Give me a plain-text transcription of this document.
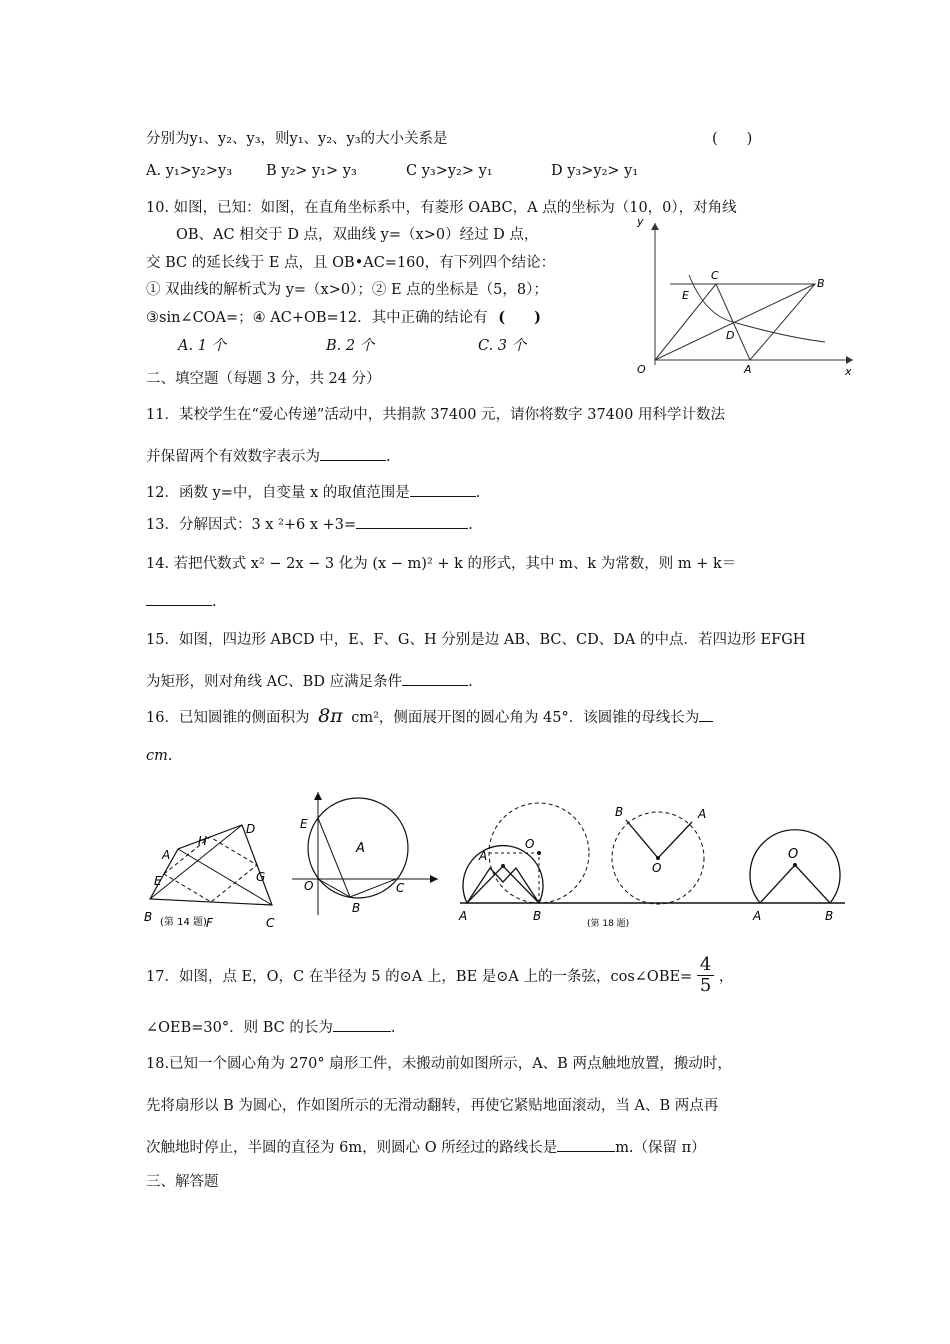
分别为y₁、y₂、y₃，则y₁、y₂、y₃的大小关系是	(　　)
A. y₁>y₂>y₃ B y₂> y₁> y₃	C y₃>y₂> y₁	D y₃>y₂> y₁
10. 如图，已知：如图，在直角坐标系中，有菱形 OABC，A 点的坐标为（10，0），对角线
OB、AC 相交于 D 点，双曲线 y=（x>0）经过 D 点，
交 BC 的延长线于 E 点，且 OB•AC=160，有下列四个结论：
① 双曲线的解析式为 y=（x>0）；② E 点的坐标是（5，8）；
③sin∠COA=；④ AC+OB=12．其中正确的结论有 (　　)
A. 1 个	B. 2 个	C. 3 个
y
x
O	A
B
C
D
E
二、填空题（每题 3 分，共 24 分）
11．某校学生在“爱心传递”活动中，共捐款 37400 元，请你将数字 37400 用科学计数法
并保留两个有效数字表示为	.
12．函数 y=中，自变量 x 的取值范围是	.
13．分解因式：3 x ²+6 x +3=	.
14. 若把代数式 x² − 2x − 3 化为 (x − m)² + k 的形式，其中 m、k 为常数，则 m + k＝
.
15．如图，四边形 ABCD 中，E、F、G、H 分别是边 AB、BC、CD、DA 的中点．若四边形 EFGH
为矩形，则对角线 AC、BD 应满足条件	.
16．已知圆锥的侧面积为 8π cm²，侧面展开图的圆心角为 45°．该圆锥的母线长为
cm.
A
B	C
D
E
F
G
H
(第 14 题)
E
A
O
B
C
A	B
A
O
B	A
O
O
A	B
(第 18 题)
17．如图，点 E，O，C 在半径为 5 的⊙A 上，BE 是⊙A 上的一条弦，cos∠OBE= $\frac{4}{5}$ ，
∠OEB=30°．则 BC 的长为	.
18.已知一个圆心角为 270° 扇形工件，未搬动前如图所示，A、B 两点触地放置，搬动时，
先将扇形以 B 为圆心，作如图所示的无滑动翻转，再使它紧贴地面滚动，当 A、B 两点再
次触地时停止，半圆的直径为 6m，则圆心 O 所经过的路线长是	m.（保留 π）
三、解答题
